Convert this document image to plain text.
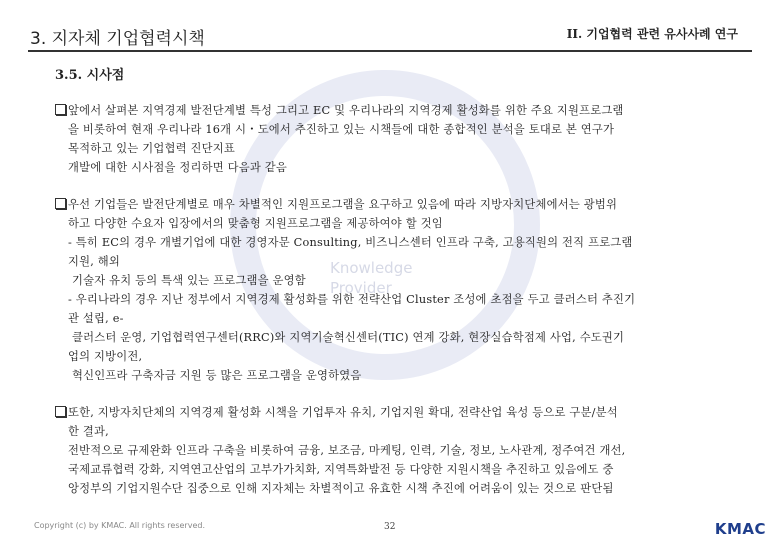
Knowledge
Provider
3. 지자체 기업협력시책	II. 기업협력 관련 유사사례 연구
3.5. 시사점
앞에서 살펴본 지역경제 발전단계별 특성 그리고 EC 및 우리나라의 지역경제 활성화를 위한 주요 지원프로그램
을 비롯하여 현재 우리나라 16개 시・도에서 추진하고 있는 시책들에 대한 종합적인 분석을 토대로 본 연구가
목적하고 있는 기업협력 진단지표
개발에 대한 시사점을 정리하면 다음과 같음
우선 기업들은 발전단계별로 매우 차별적인 지원프로그램을 요구하고 있음에 따라 지방자치단체에서는 광범위
하고 다양한 수요자 입장에서의 맞춤형 지원프로그램을 제공하여야 할 것임
- 특히 EC의 경우 개별기업에 대한 경영자문 Consulting, 비즈니스센터 인프라 구축, 고용직원의 전직 프로그램
지원, 해외
기술자 유치 등의 특색 있는 프로그램을 운영함
- 우리나라의 경우 지난 정부에서 지역경제 활성화를 위한 전략산업 Cluster 조성에 초점을 두고 클러스터 추진기
관 설립, e-
클러스터 운영, 기업협력연구센터(RRC)와 지역기술혁신센터(TIC) 연계 강화, 현장실습학점제 사업, 수도권기
업의 지방이전,
혁신인프라 구축자금 지원 등 많은 프로그램을 운영하였음
또한, 지방자치단체의 지역경제 활성화 시책을 기업투자 유치, 기업지원 확대, 전략산업 육성 등으로 구분/분석
한 결과,
전반적으로 규제완화 인프라 구축을 비롯하여 금융, 보조금, 마케팅, 인력, 기술, 정보, 노사관계, 정주여건 개선,
국제교류협력 강화, 지역연고산업의 고부가가치화, 지역특화발전 등 다양한 지원시책을 추진하고 있음에도 중
앙정부의 기업지원수단 집중으로 인해 지자체는 차별적이고 유효한 시책 추진에 어려움이 있는 것으로 판단됨
Copyright (c) by KMAC. All rights reserved.	32	KMAC
